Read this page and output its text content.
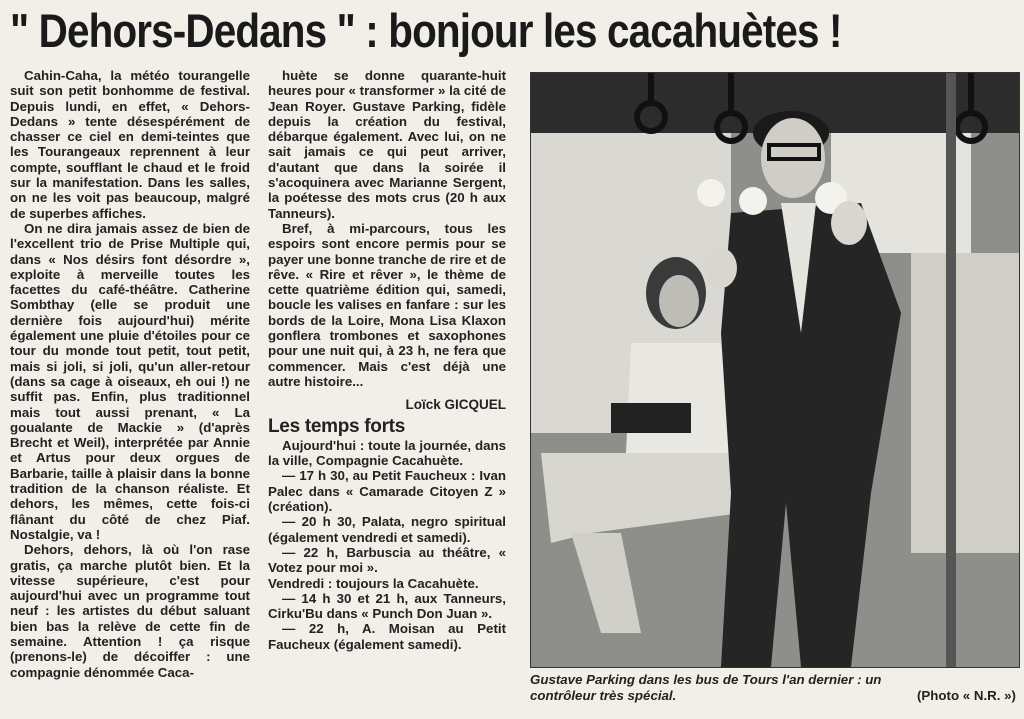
" Dehors-Dedans " : bonjour les cacahuètes !

Cahin-Caha, la météo tourangelle suit son petit bonhomme de festival. Depuis lundi, en effet, « Dehors-Dedans » tente désespérément de chasser ce ciel en demi-teintes que les Tourangeaux reprennent à leur compte, soufflant le chaud et le froid sur la manifestation. Dans les salles, on ne les voit pas beaucoup, malgré de superbes affiches.

On ne dira jamais assez de bien de l'excellent trio de Prise Multiple qui, dans « Nos désirs font désordre », exploite à merveille toutes les facettes du café-théâtre. Catherine Sombthay (elle se produit une dernière fois aujourd'hui) mérite également une pluie d'étoiles pour ce tour du monde tout petit, tout petit, mais si joli, si joli, qu'un aller-retour (dans sa cage à oiseaux, eh oui !) ne suffit pas. Enfin, plus traditionnel mais tout aussi prenant, « La goualante de Mackie » (d'après Brecht et Weil), interprétée par Annie et Artus pour deux orgues de Barbarie, taille à plaisir dans la bonne tradition de la chanson réaliste. Et dehors, les mêmes, cette fois-ci flânant du côté de chez Piaf. Nostalgie, va !

Dehors, dehors, là où l'on rase gratis, ça marche plutôt bien. Et la vitesse supérieure, c'est pour aujourd'hui avec un programme tout neuf : les artistes du début saluant bien bas la relève de cette fin de semaine. Attention ! ça risque (prenons-le) de décoiffer : une compagnie dénommée Caca-

huète se donne quarante-huit heures pour « transformer » la cité de Jean Royer. Gustave Parking, fidèle depuis la création du festival, débarque également. Avec lui, on ne sait jamais ce qui peut arriver, d'autant que dans la soirée il s'acoquinera avec Marianne Sergent, la poétesse des mots crus (20 h aux Tanneurs).

Bref, à mi-parcours, tous les espoirs sont encore permis pour se payer une bonne tranche de rire et de rêve. « Rire et rêver », le thème de cette quatrième édition qui, samedi, boucle les valises en fanfare : sur les bords de la Loire, Mona Lisa Klaxon gonflera trombones et saxophones pour une nuit qui, à 23 h, ne fera que commencer. Mais c'est déjà une autre histoire...

Loïck GICQUEL

Les temps forts

Aujourd'hui : toute la journée, dans la ville, Compagnie Cacahuète.

— 17 h 30, au Petit Faucheux : Ivan Palec dans « Camarade Citoyen Z » (création).

— 20 h 30, Palata, negro spiritual (également vendredi et samedi).

— 22 h, Barbuscia au théâtre, « Votez pour moi ».

Vendredi : toujours la Cacahuète.

— 14 h 30 et 21 h, aux Tanneurs, Cirku'Bu dans « Punch Don Juan ».

— 22 h, A. Moisan au Petit Faucheux (également samedi).

Gustave Parking dans les bus de Tours l'an dernier : un contrôleur très spécial.	(Photo « N.R. »)
